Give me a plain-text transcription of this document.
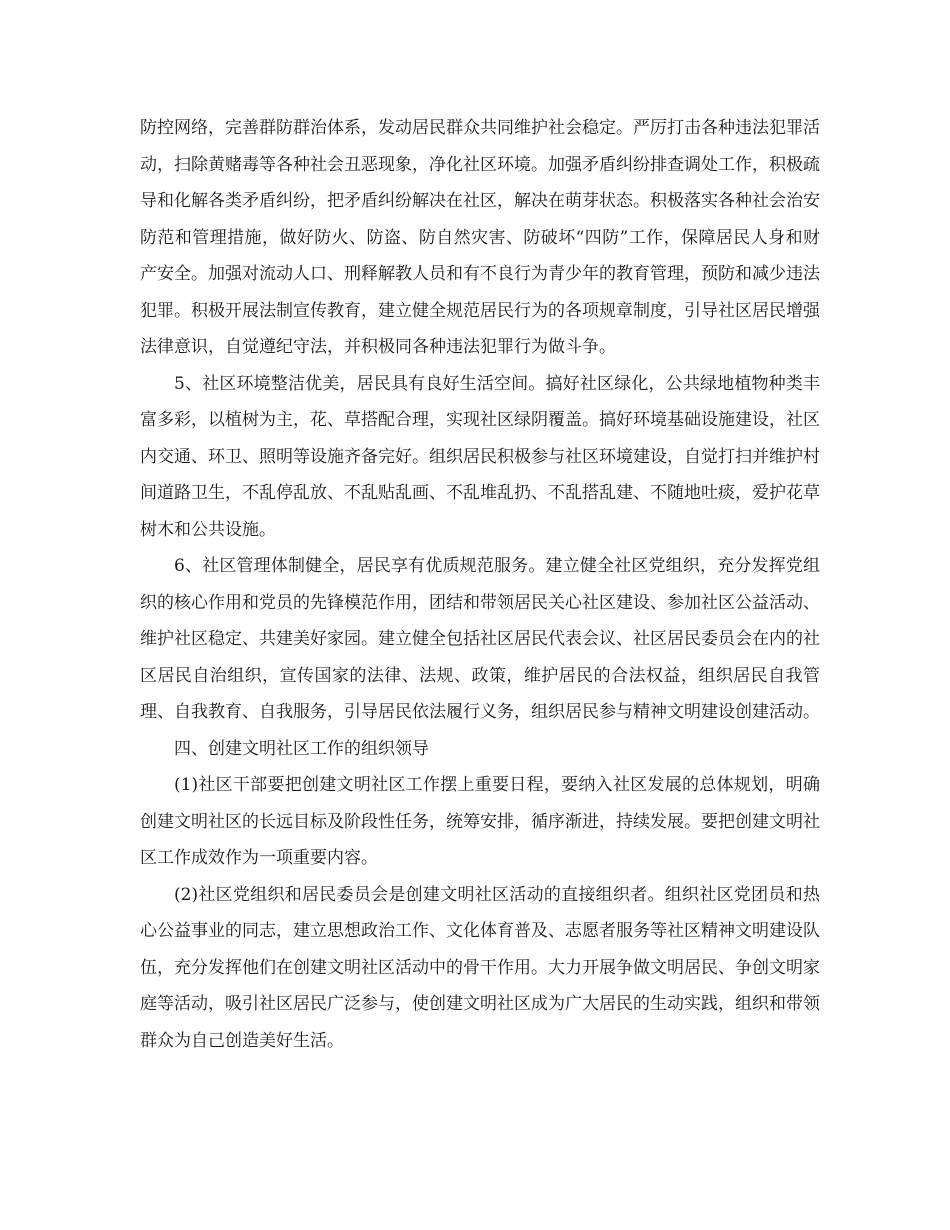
防控网络，完善群防群治体系，发动居民群众共同维护社会稳定。严厉打击各种违法犯罪活动，扫除黄赌毒等各种社会丑恶现象，净化社区环境。加强矛盾纠纷排查调处工作，积极疏导和化解各类矛盾纠纷，把矛盾纠纷解决在社区，解决在萌芽状态。积极落实各种社会治安防范和管理措施，做好防火、防盗、防自然灾害、防破坏“四防”工作，保障居民人身和财产安全。加强对流动人口、刑释解教人员和有不良行为青少年的教育管理，预防和减少违法犯罪。积极开展法制宣传教育，建立健全规范居民行为的各项规章制度，引导社区居民增强法律意识，自觉遵纪守法，并积极同各种违法犯罪行为做斗争。

5、社区环境整洁优美，居民具有良好生活空间。搞好社区绿化，公共绿地植物种类丰富多彩，以植树为主，花、草搭配合理，实现社区绿阴覆盖。搞好环境基础设施建设，社区内交通、环卫、照明等设施齐备完好。组织居民积极参与社区环境建设，自觉打扫并维护村间道路卫生，不乱停乱放、不乱贴乱画、不乱堆乱扔、不乱搭乱建、不随地吐痰，爱护花草树木和公共设施。

6、社区管理体制健全，居民享有优质规范服务。建立健全社区党组织，充分发挥党组织的核心作用和党员的先锋模范作用，团结和带领居民关心社区建设、参加社区公益活动、维护社区稳定、共建美好家园。建立健全包括社区居民代表会议、社区居民委员会在内的社区居民自治组织，宣传国家的法律、法规、政策，维护居民的合法权益，组织居民自我管理、自我教育、自我服务，引导居民依法履行义务，组织居民参与精神文明建设创建活动。

四、创建文明社区工作的组织领导

(1)社区干部要把创建文明社区工作摆上重要日程，要纳入社区发展的总体规划，明确创建文明社区的长远目标及阶段性任务，统筹安排，循序渐进，持续发展。要把创建文明社区工作成效作为一项重要内容。

(2)社区党组织和居民委员会是创建文明社区活动的直接组织者。组织社区党团员和热心公益事业的同志，建立思想政治工作、文化体育普及、志愿者服务等社区精神文明建设队伍，充分发挥他们在创建文明社区活动中的骨干作用。大力开展争做文明居民、争创文明家庭等活动，吸引社区居民广泛参与，使创建文明社区成为广大居民的生动实践，组织和带领群众为自己创造美好生活。
